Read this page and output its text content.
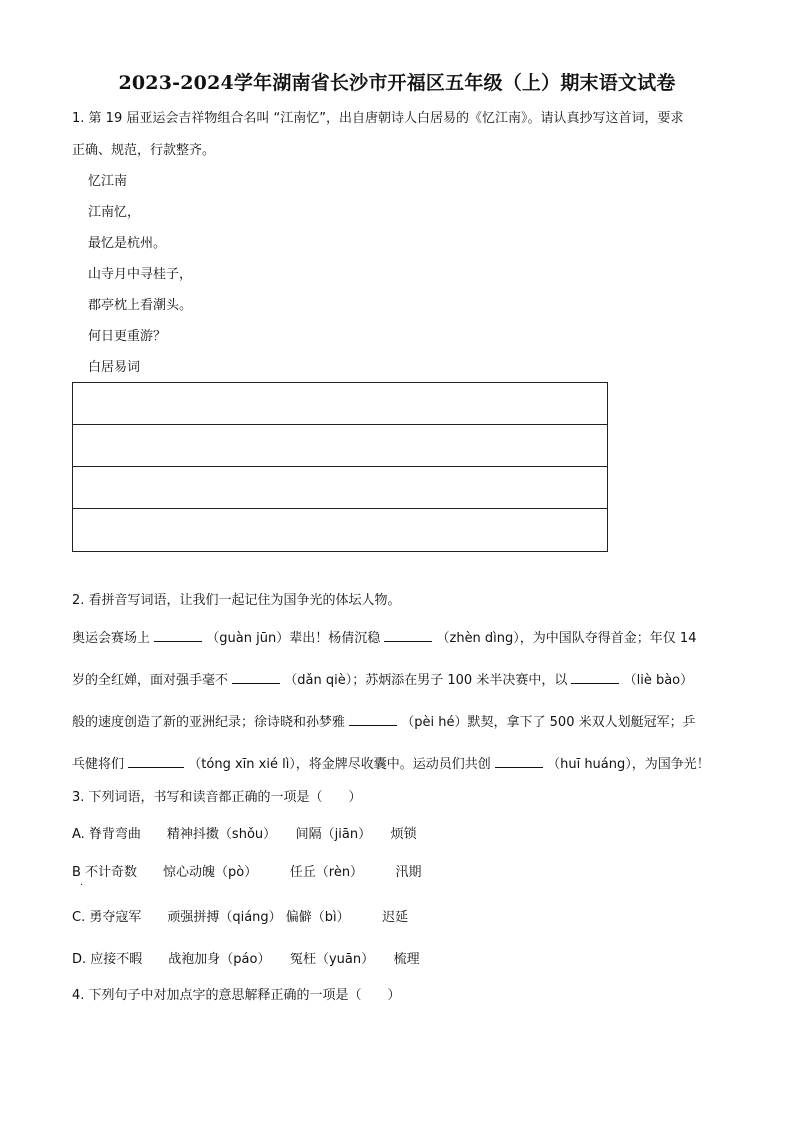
2023-2024学年湖南省长沙市开福区五年级（上）期末语文试卷
1. 第 19 届亚运会吉祥物组合名叫 “江南忆”，出自唐朝诗人白居易的《忆江南》。请认真抄写这首词，要求
正确、规范，行款整齐。
忆江南
江南忆，
最忆是杭州。
山寺月中寻桂子，
郡亭枕上看潮头。
何日更重游？
白居易词
2. 看拼音写词语，让我们一起记住为国争光的体坛人物。
奥运会赛场上	（guàn jūn）辈出！杨倩沉稳	（zhèn dìng），为中国队夺得首金；年仅 14
岁的全红婵，面对强手毫不	（dǎn qiè）；苏炳添在男子 100 米半决赛中，以	（liè bào）
般的速度创造了新的亚洲纪录；徐诗晓和孙梦雅	（pèi hé）默契，拿下了 500 米双人划艇冠军；乒
乓健将们	（tóng xīn xié lì），将金牌尽收囊中。运动员们共创	（huī huáng），为国争光！
3. 下列词语，书写和读音都正确的一项是（　　）
A. 脊背弯曲　　精神抖擞（shǒu）　　间隔（jiān）　　烦锁
B 不计奇数　　惊心动魄（pò）　　　任丘（rèn）　　　汛期
·
C. 勇夺寇军　　顽强拼搏（qiáng） 偏僻（bì）　　　迟延
D. 应接不暇　　战袍加身（páo）　　冤枉（yuān）　　梳理
4. 下列句子中对加点字的意思解释正确的一项是（　　）
